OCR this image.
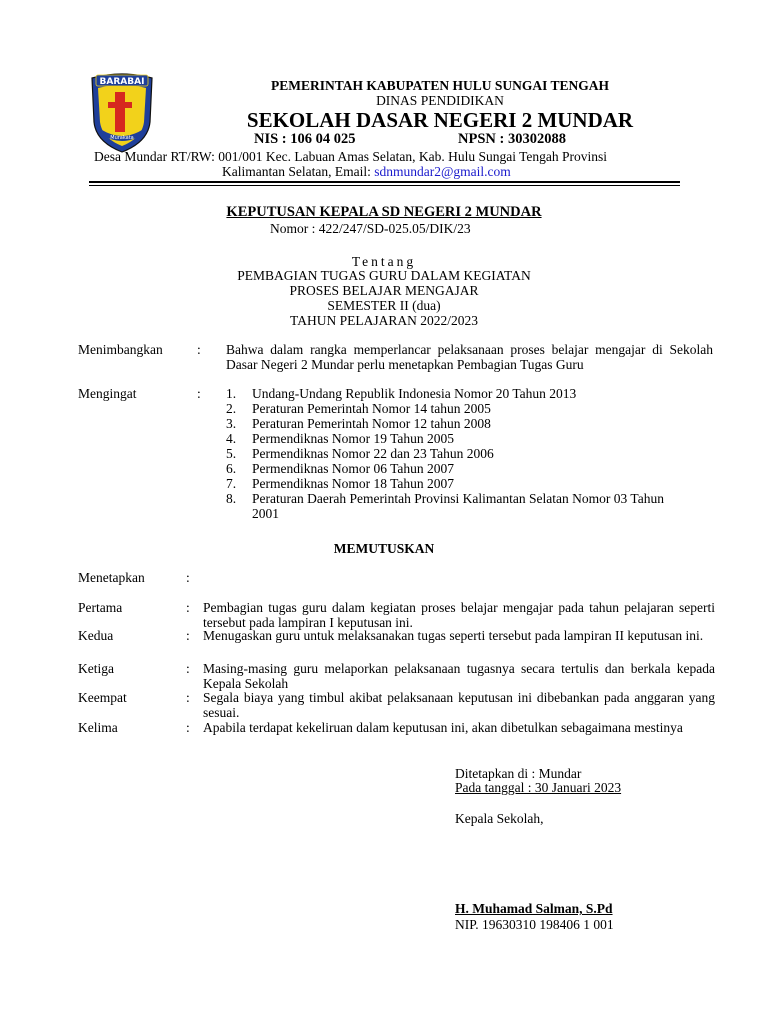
BARABAI
Murakata
PEMERINTAH KABUPATEN HULU SUNGAI TENGAH
DINAS PENDIDIKAN
SEKOLAH DASAR NEGERI 2 MUNDAR
NIS : 106 04 025	NPSN : 30302088
Desa Mundar RT/RW: 001/001 Kec. Labuan Amas Selatan, Kab. Hulu Sungai Tengah Provinsi
Kalimantan Selatan, Email: sdnmundar2@gmail.com
KEPUTUSAN KEPALA SD NEGERI 2 MUNDAR
Nomor : 422/247/SD-025.05/DIK/23
Tentang
PEMBAGIAN TUGAS GURU DALAM KEGIATAN
PROSES BELAJAR MENGAJAR
SEMESTER II (dua)
TAHUN PELAJARAN 2022/2023
Menimbangkan	: Bahwa dalam rangka memperlancar pelaksanaan proses belajar mengajar di Sekolah Dasar Negeri 2 Mundar perlu menetapkan Pembagian Tugas Guru
Mengingat	: 1. Undang-Undang Republik Indonesia Nomor 20 Tahun 2013
2. Peraturan Pemerintah Nomor 14 tahun 2005
3. Peraturan Pemerintah Nomor 12 tahun 2008
4. Permendiknas Nomor 19 Tahun 2005
5. Permendiknas Nomor 22 dan 23 Tahun 2006
6. Permendiknas Nomor 06 Tahun 2007
7. Permendiknas Nomor 18 Tahun 2007
8. Peraturan Daerah Pemerintah Provinsi Kalimantan Selatan Nomor 03 Tahun 2001
MEMUTUSKAN
Menetapkan	:
Pertama	: Pembagian tugas guru dalam kegiatan proses belajar mengajar pada tahun pelajaran seperti tersebut pada lampiran I keputusan ini.
Kedua	: Menugaskan guru untuk melaksanakan tugas seperti tersebut pada lampiran II keputusan ini.
Ketiga	: Masing-masing guru melaporkan pelaksanaan tugasnya secara tertulis dan berkala kepada Kepala Sekolah
Keempat	: Segala biaya yang timbul akibat pelaksanaan keputusan ini dibebankan pada anggaran yang sesuai.
Kelima	: Apabila terdapat kekeliruan dalam keputusan ini, akan dibetulkan sebagaimana mestinya
Ditetapkan di : Mundar
Pada tanggal : 30 Januari 2023
Kepala Sekolah,
H. Muhamad Salman, S.Pd
NIP. 19630310 198406 1 001
